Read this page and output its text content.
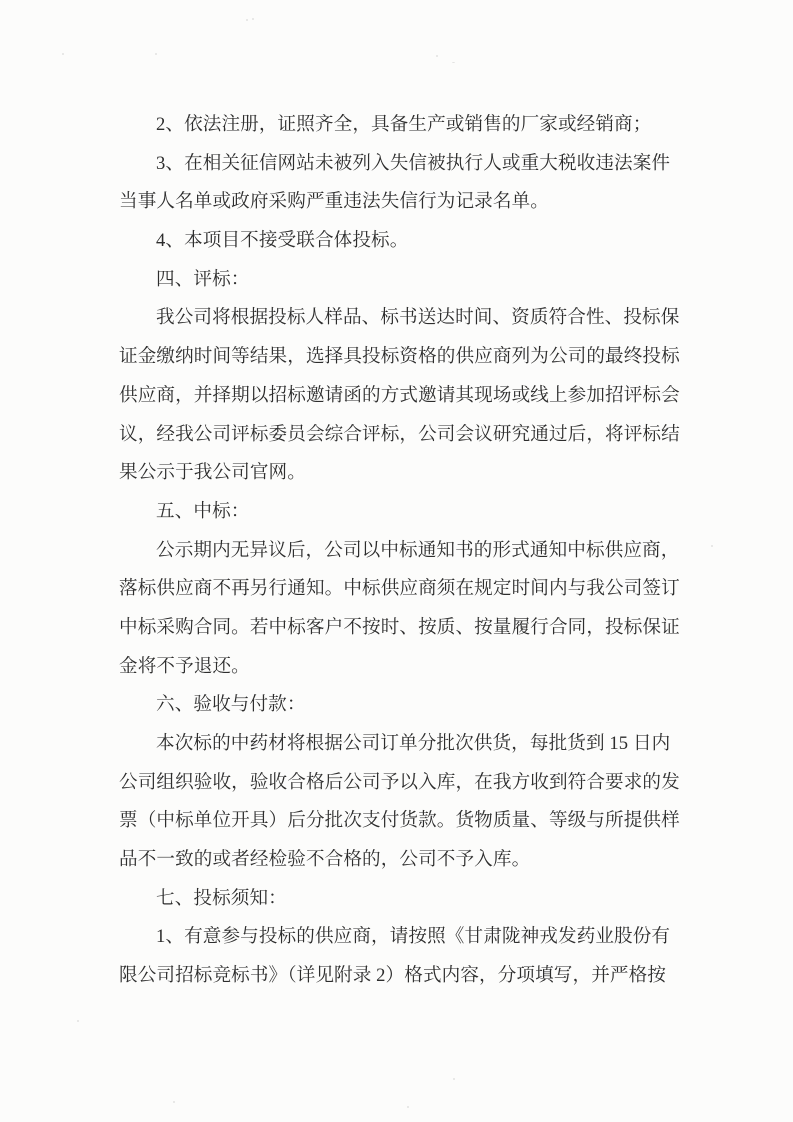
2、依法注册，证照齐全，具备生产或销售的厂家或经销商；
3、在相关征信网站未被列入失信被执行人或重大税收违法案件
当事人名单或政府采购严重违法失信行为记录名单。
4、本项目不接受联合体投标。
四、评标：
我公司将根据投标人样品、标书送达时间、资质符合性、投标保
证金缴纳时间等结果，选择具投标资格的供应商列为公司的最终投标
供应商，并择期以招标邀请函的方式邀请其现场或线上参加招评标会
议，经我公司评标委员会综合评标，公司会议研究通过后，将评标结
果公示于我公司官网。
五、中标：
公示期内无异议后，公司以中标通知书的形式通知中标供应商，
落标供应商不再另行通知。中标供应商须在规定时间内与我公司签订
中标采购合同。若中标客户不按时、按质、按量履行合同，投标保证
金将不予退还。
六、验收与付款：
本次标的中药材将根据公司订单分批次供货，每批货到 15 日内
公司组织验收，验收合格后公司予以入库，在我方收到符合要求的发
票（中标单位开具）后分批次支付货款。货物质量、等级与所提供样
品不一致的或者经检验不合格的，公司不予入库。
七、投标须知：
1、有意参与投标的供应商，请按照《甘肃陇神戎发药业股份有
限公司招标竞标书》（详见附录 2）格式内容，分项填写，并严格按
